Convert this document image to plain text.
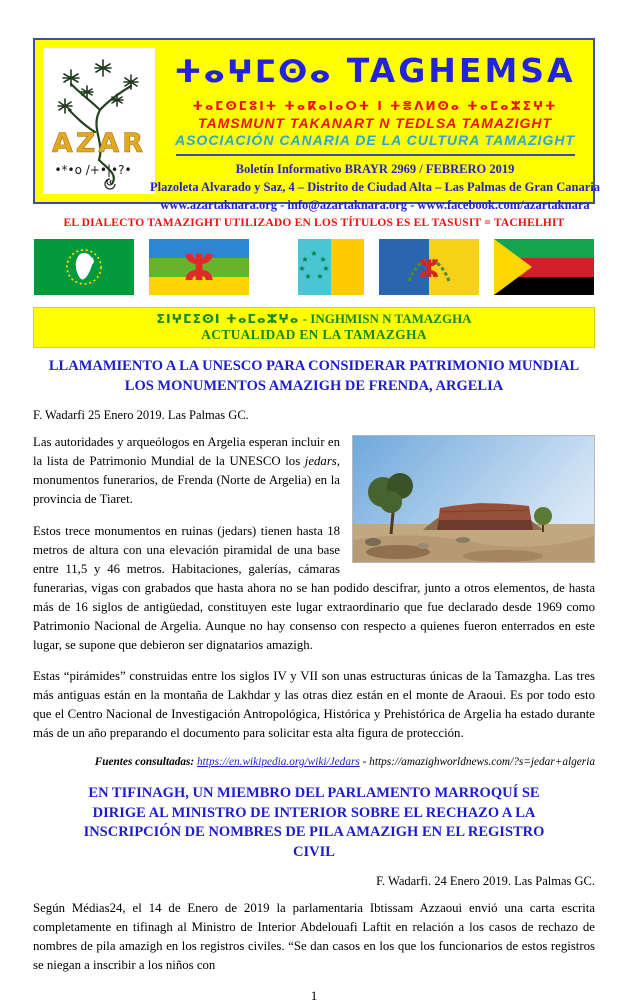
AZAR
•*•o /+•|•?•
ⵜⴰⵖⵎⵙⴰ TAGHEMSA
ⵜⴰⵎⵙⵎⵓⵏⵜ ⵜⴰⴽⴰⵏⴰⵔⵜ ⵏ ⵜⴻⴷⵍⵙⴰ ⵜⴰⵎⴰⵣⵉⵖⵜ
TAMSMUNT TAKANART N TEDLSA TAMAZIGHT
ASOCIACIÓN CANARIA DE LA CULTURA TAMAZIGHT
Boletín Informativo BRAYR 2969 / FEBRERO 2019
Plazoleta Alvarado y Saz, 4 – Distrito de Ciudad Alta – Las Palmas de Gran Canaria
www.azartaknara.org - info@azartaknara.org - www.facebook.com/azartaknara
EL DIALECTO TAMAZIGHT UTILIZADO EN LOS TÍTULOS ES EL TASUSIT = TACHELHIT
ⵣ	★
★ ★
★ ★
★ ★	ⵣ
ⵉⵏⵖⵎⵉⵙⵏ ⵜⴰⵎⴰⵣⵖⴰ - INGHMISN N TAMAZGHA
ACTUALIDAD EN LA TAMAZGHA
LLAMAMIENTO A LA UNESCO PARA CONSIDERAR PATRIMONIO MUNDIAL LOS MONUMENTOS AMAZIGH DE FRENDA, ARGELIA
F. Wadarfi 25 Enero 2019. Las Palmas GC.

Las autoridades y arqueólogos en Argelia esperan incluir en la lista de Patrimonio Mundial de la UNESCO los jedars, monumentos funerarios, de Frenda (Norte de Argelia) en la provincia de Tiaret.

Estos trece monumentos en ruinas (jedars) tienen hasta 18 metros de altura con una elevación piramidal de una base entre 11,5 y 46 metros. Habitaciones, galerías, cámaras funerarias, vigas con grabados que hasta ahora no se han podido descifrar, junto a otros elementos, de hasta más de 16 siglos de antigüedad, constituyen este lugar extraordinario que fue declarado desde 1969 como Patrimonio Nacional de Argelia. Aunque no hay consenso con respecto a quienes fueron enterrados en este lugar, se supone que debieron ser dignatarios amazigh.

Estas “pirámides” construidas entre los siglos IV y VII son unas estructuras únicas de la Tamazgha. Las tres más antiguas están en la montaña de Lakhdar y las otras diez están en el monte de Araoui. Es por todo esto que el Centro Nacional de Investigación Antropológica, Histórica y Prehistórica de Argelia ha estado durante más de un año preparando el documento para solicitar esta alta figura de protección.

Fuentes consultadas: https://en.wikipedia.org/wiki/Jedars - https://amazighworldnews.com/?s=jedar+algeria
EN TIFINAGH, UN MIEMBRO DEL PARLAMENTO MARROQUÍ SE DIRIGE AL MINISTRO DE INTERIOR SOBRE EL RECHAZO A LA INSCRIPCIÓN DE NOMBRES DE PILA AMAZIGH EN EL REGISTRO CIVIL
F. Wadarfi. 24 Enero 2019. Las Palmas GC.

Según Médias24, el 14 de Enero de 2019 la parlamentaria Ibtissam Azzaoui envió una carta escrita completamente en tifinagh al Ministro de Interior Abdelouafi Laftit en relación a los casos de rechazo de nombres de pila amazigh en los registros civiles. “Se dan casos en los que los funcionarios de estos registros se niegan a inscribir a los niños con

1
